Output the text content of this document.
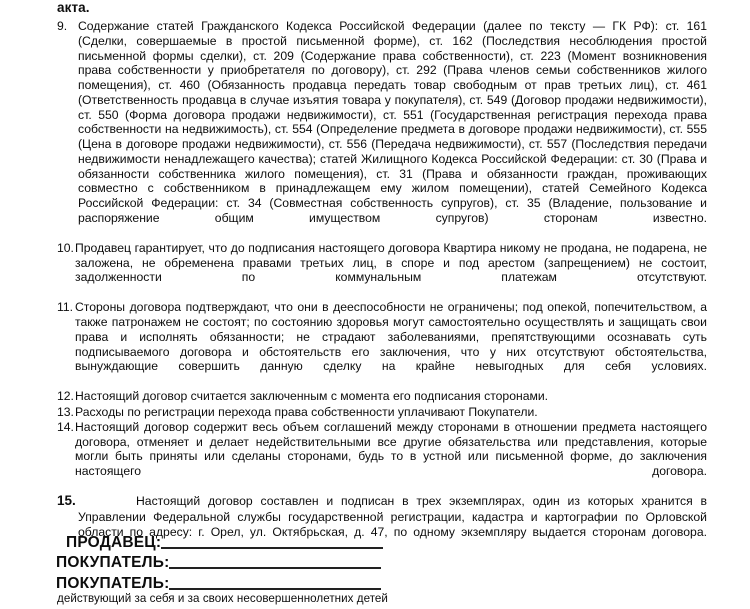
акта.
9. Содержание статей Гражданского Кодекса Российской Федерации (далее по тексту — ГК РФ): ст. 161 (Сделки, совершаемые в простой письменной форме), ст. 162 (Последствия несоблюдения простой письменной формы сделки), ст. 209 (Содержание права собственности), ст. 223 (Момент возникновения права собственности у приобретателя по договору), ст. 292 (Права членов семьи собственников жилого помещения), ст. 460 (Обязанность продавца передать товар свободным от прав третьих лиц), ст. 461 (Ответственность продавца в случае изъятия товара у покупателя), ст. 549 (Договор продажи недвижимости), ст. 550 (Форма договора продажи недвижимости), ст. 551 (Государственная регистрация перехода права собственности на недвижимость), ст. 554 (Определение предмета в договоре продажи недвижимости), ст. 555 (Цена в договоре продажи недвижимости), ст. 556 (Передача недвижимости), ст. 557 (Последствия передачи недвижимости ненадлежащего качества); статей Жилищного Кодекса Российской Федерации: ст. 30 (Права и обязанности собственника жилого помещения), ст. 31 (Права и обязанности граждан, проживающих совместно с собственником в принадлежащем ему жилом помещении), статей Семейного Кодекса Российской Федерации: ст. 34 (Совместная собственность супругов), ст. 35 (Владение, пользование и распоряжение общим имуществом супругов) сторонам известно.
10. Продавец гарантирует, что до подписания настоящего договора Квартира никому не продана, не подарена, не заложена, не обременена правами третьих лиц, в споре и под арестом (запрещением) не состоит, задолженности по коммунальным платежам отсутствуют.
11. Стороны договора подтверждают, что они в дееспособности не ограничены; под опекой, попечительством, а также патронажем не состоят; по состоянию здоровья могут самостоятельно осуществлять и защищать свои права и исполнять обязанности; не страдают заболеваниями, препятствующими осознавать суть подписываемого договора и обстоятельств его заключения, что у них отсутствуют обстоятельства, вынуждающие совершить данную сделку на крайне невыгодных для себя условиях.
12. Настоящий договор считается заключенным с момента его подписания сторонами.
13. Расходы по регистрации перехода права собственности уплачивают Покупатели.
14. Настоящий договор содержит весь объем соглашений между сторонами в отношении предмета настоящего договора, отменяет и делает недействительными все другие обязательства или представления, которые могли быть приняты или сделаны сторонами, будь то в устной или письменной форме, до заключения настоящего договора.
15.	Настоящий договор составлен и подписан в трех экземплярах, один из которых хранится в Управлении Федеральной службы государственной регистрации, кадастра и картографии по Орловской области по адресу: г. Орел, ул. Октябрьская, д. 47, по одному экземпляру выдается сторонам договора.
ПРОДАВЕЦ:
ПОКУПАТЕЛЬ:
ПОКУПАТЕЛЬ:
действующий за себя и за своих несовершеннолетних детей
